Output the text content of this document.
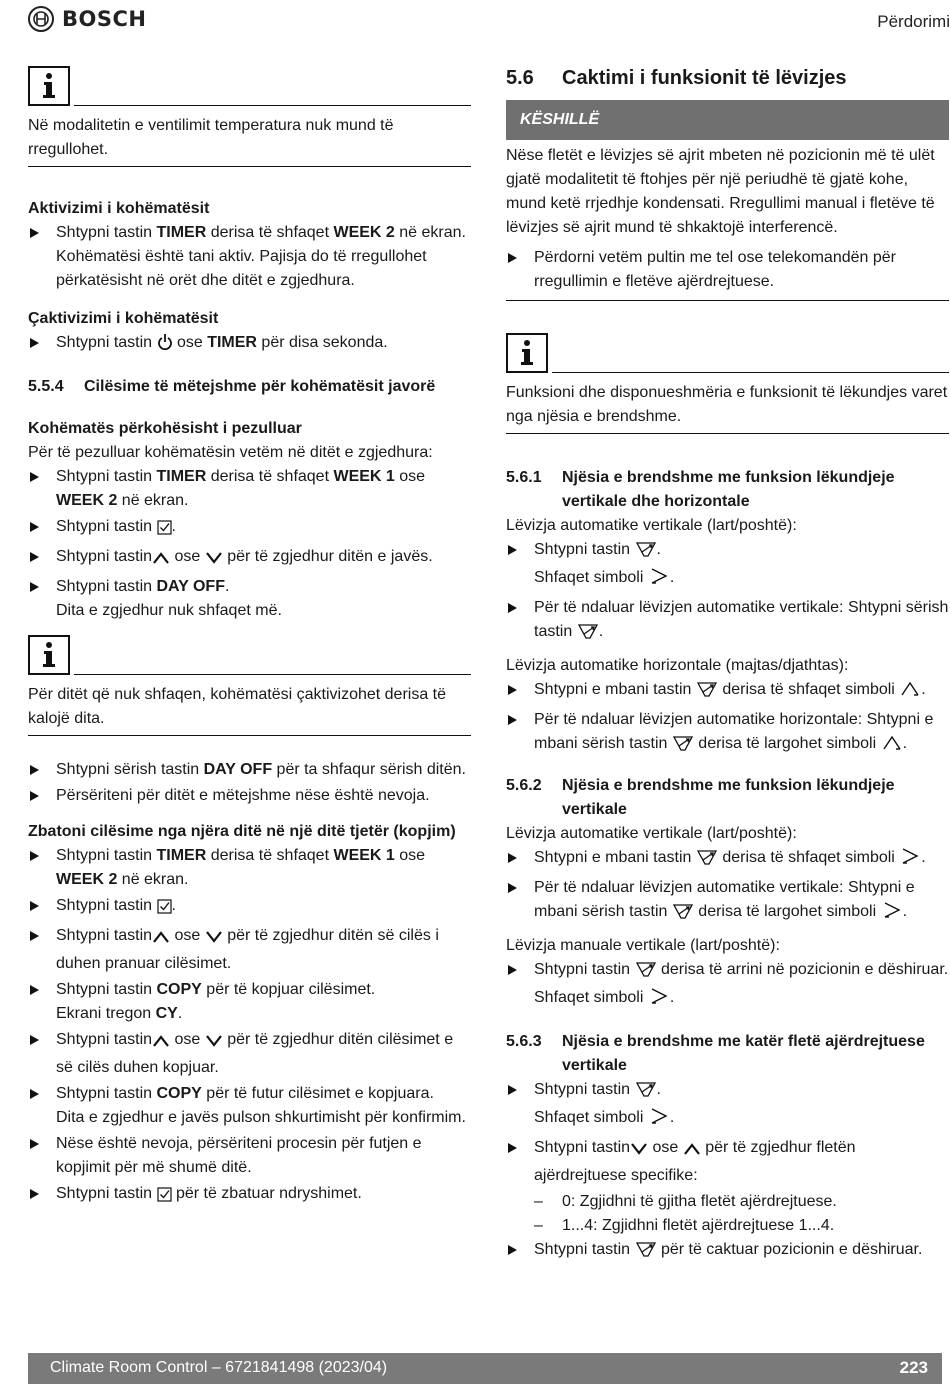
BOSCH	Përdorimi

Në modalitetin e ventilimit temperatura nuk mund të rregullohet.

Aktivizimi i kohëmatësit
Shtypni tastin TIMER derisa të shfaqet WEEK 2 në ekran. Kohëmatësi është tani aktiv. Pajisja do të rregullohet përkatësisht në orët dhe ditët e zgjedhura.
Çaktivizimi i kohëmatësit
Shtypni tastin  ose TIMER për disa sekonda.
5.5.4	Cilësime të mëtejshme për kohëmatësit javorë
Kohëmatës përkohësisht i pezulluar

Për të pezulluar kohëmatësin vetëm në ditët e zgjedhura:

Shtypni tastin TIMER derisa të shfaqet WEEK 1 ose WEEK 2 në ekran.
Shtypni tastin .
Shtypni tastin ose  për të zgjedhur ditën e javës.
Shtypni tastin DAY OFF.
Dita e zgjedhur nuk shfaqet më.

Për ditët që nuk shfaqen, kohëmatësi çaktivizohet derisa të kalojë dita.

Shtypni sërish tastin DAY OFF për ta shfaqur sërish ditën.
Përsëriteni për ditët e mëtejshme nëse është nevoja.
Zbatoni cilësime nga njëra ditë në një ditë tjetër (kopjim)
Shtypni tastin TIMER derisa të shfaqet WEEK 1 ose WEEK 2 në ekran.
Shtypni tastin .
Shtypni tastin ose  për të zgjedhur ditën së cilës i duhen pranuar cilësimet.
Shtypni tastin COPY për të kopjuar cilësimet.
Ekrani tregon CY.
Shtypni tastin ose  për të zgjedhur ditën cilësimet e së cilës duhen kopjuar.
Shtypni tastin COPY për të futur cilësimet e kopjuara.
Dita e zgjedhur e javës pulson shkurtimisht për konfirmim.
Nëse është nevoja, përsëriteni procesin për futjen e kopjimit për më shumë ditë.
Shtypni tastin  për të zbatuar ndryshimet.
5.6	Caktimi i funksionit të lëvizjes
KËSHILLË

Nëse fletët e lëvizjes së ajrit mbeten në pozicionin më të ulët gjatë modalitetit të ftohjes për një periudhë të gjatë kohe, mund ketë rrjedhje kondensati. Rregullimi manual i fletëve të lëvizjes së ajrit mund të shkaktojë interferencë.

Përdorni vetëm pultin me tel ose telekomandën për rregullimin e fletëve ajërdrejtuese.

Funksioni dhe disponueshmëria e funksionit të lëkundjes varet nga njësia e brendshme.

5.6.1	Njësia e brendshme me funksion lëkundjeje vertikale dhe horizontale

Lëvizja automatike vertikale (lart/poshtë):

Shtypni tastin .
Shfaqet simboli .
Për të ndaluar lëvizjen automatike vertikale: Shtypni sërish tastin .

Lëvizja automatike horizontale (majtas/djathtas):

Shtypni e mbani tastin  derisa të shfaqet simboli .
Për të ndaluar lëvizjen automatike horizontale: Shtypni e mbani sërish tastin  derisa të largohet simboli .
5.6.2	Njësia e brendshme me funksion lëkundjeje vertikale

Lëvizja automatike vertikale (lart/poshtë):

Shtypni e mbani tastin  derisa të shfaqet simboli .
Për të ndaluar lëvizjen automatike vertikale: Shtypni e mbani sërish tastin  derisa të largohet simboli .

Lëvizja manuale vertikale (lart/poshtë):

Shtypni tastin  derisa të arrini në pozicionin e dëshiruar.
Shfaqet simboli .
5.6.3	Njësia e brendshme me katër fletë ajërdrejtuese vertikale
Shtypni tastin .
Shfaqet simboli .
Shtypni tastin ose  për të zgjedhur fletën ajërdrejtuese specifike:
– 0: Zgjidhni të gjitha fletët ajërdrejtuese.
– 1...4: Zgjidhni fletët ajërdrejtuese 1...4.
Shtypni tastin  për të caktuar pozicionin e dëshiruar.
Climate Room Control – 6721841498 (2023/04)	223
